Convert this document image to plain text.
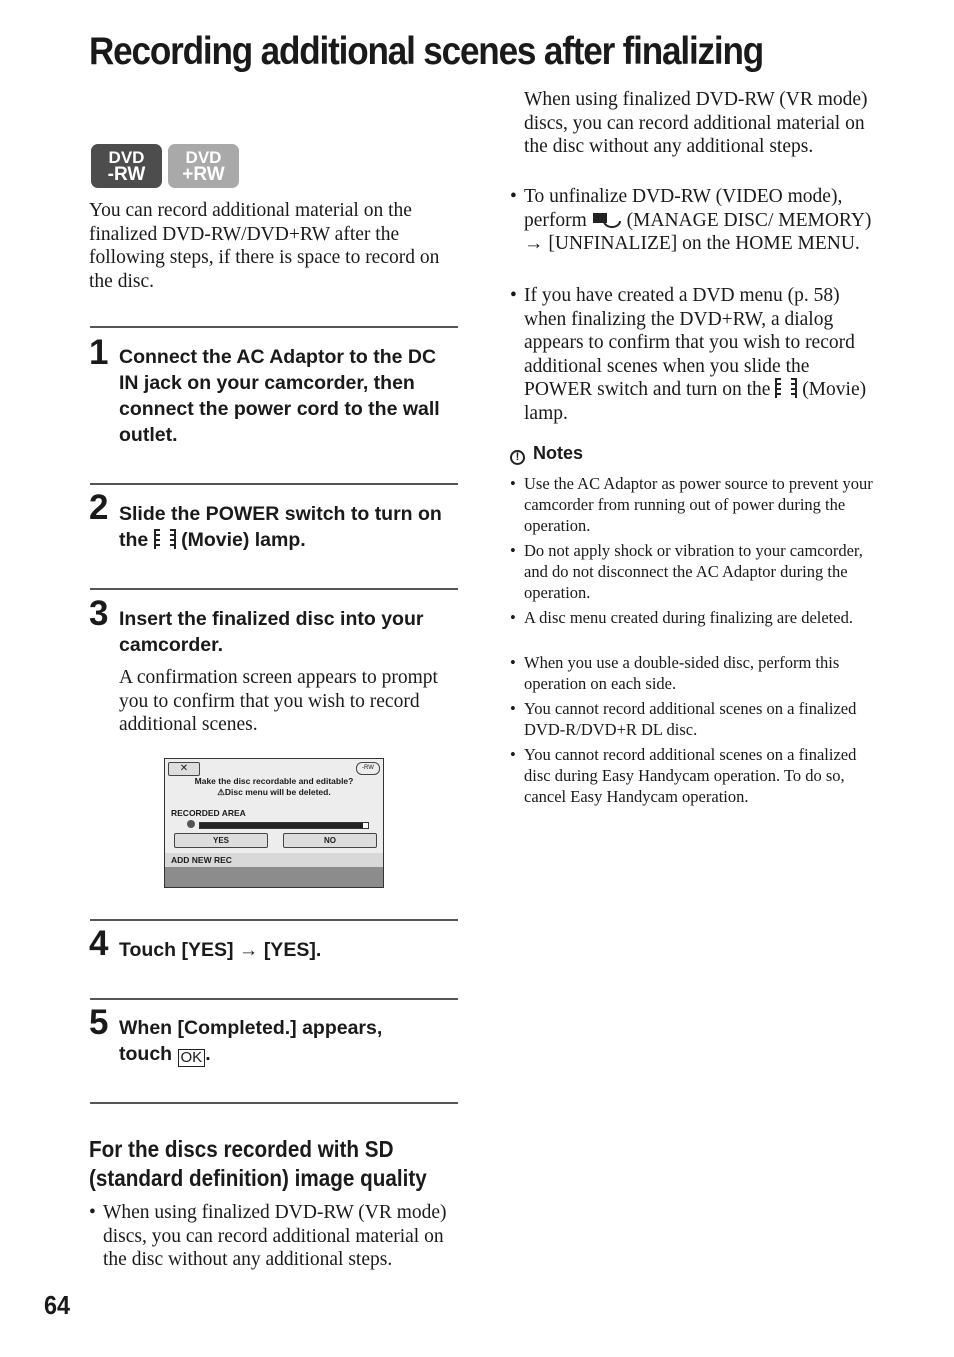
Recording additional scenes after finalizing
DVD
-RW
DVD
+RW
You can record additional material on the finalized DVD-RW/DVD+RW after the following steps, if there is space to record on the disc.
1 Connect the AC Adaptor to the DC IN jack on your camcorder, then connect the power cord to the wall outlet.
2 Slide the POWER switch to turn on the (Movie) lamp.
3 Insert the finalized disc into your camcorder.
A confirmation screen appears to prompt you to confirm that you wish to record additional scenes.
✕	-RW
Make the disc recordable and editable?
⚠Disc menu will be deleted.
RECORDED AREA
YES	NO
ADD NEW REC
4 Touch [YES] → [YES].
5 When [Completed.] appears, touch OK .
For the discs recorded with SD
(standard definition) image quality
• When using finalized DVD-RW (VR mode) discs, you can record additional material on the disc without any additional steps.
When using finalized DVD-RW (VR mode) discs, you can record additional material on the disc without any additional steps.
• To unfinalize DVD-RW (VIDEO mode), perform (MANAGE DISC/ MEMORY) → [UNFINALIZE] on the HOME MENU.
• If you have created a DVD menu (p. 58) when finalizing the DVD+RW, a dialog appears to confirm that you wish to record additional scenes when you slide the POWER switch and turn on the (Movie) lamp.
! Notes
• Use the AC Adaptor as power source to prevent your camcorder from running out of power during the operation.
• Do not apply shock or vibration to your camcorder, and do not disconnect the AC Adaptor during the operation.
• A disc menu created during finalizing are deleted.
• When you use a double-sided disc, perform this operation on each side.
• You cannot record additional scenes on a finalized DVD-R/DVD+R DL disc.
• You cannot record additional scenes on a finalized disc during Easy Handycam operation. To do so, cancel Easy Handycam operation.
64
